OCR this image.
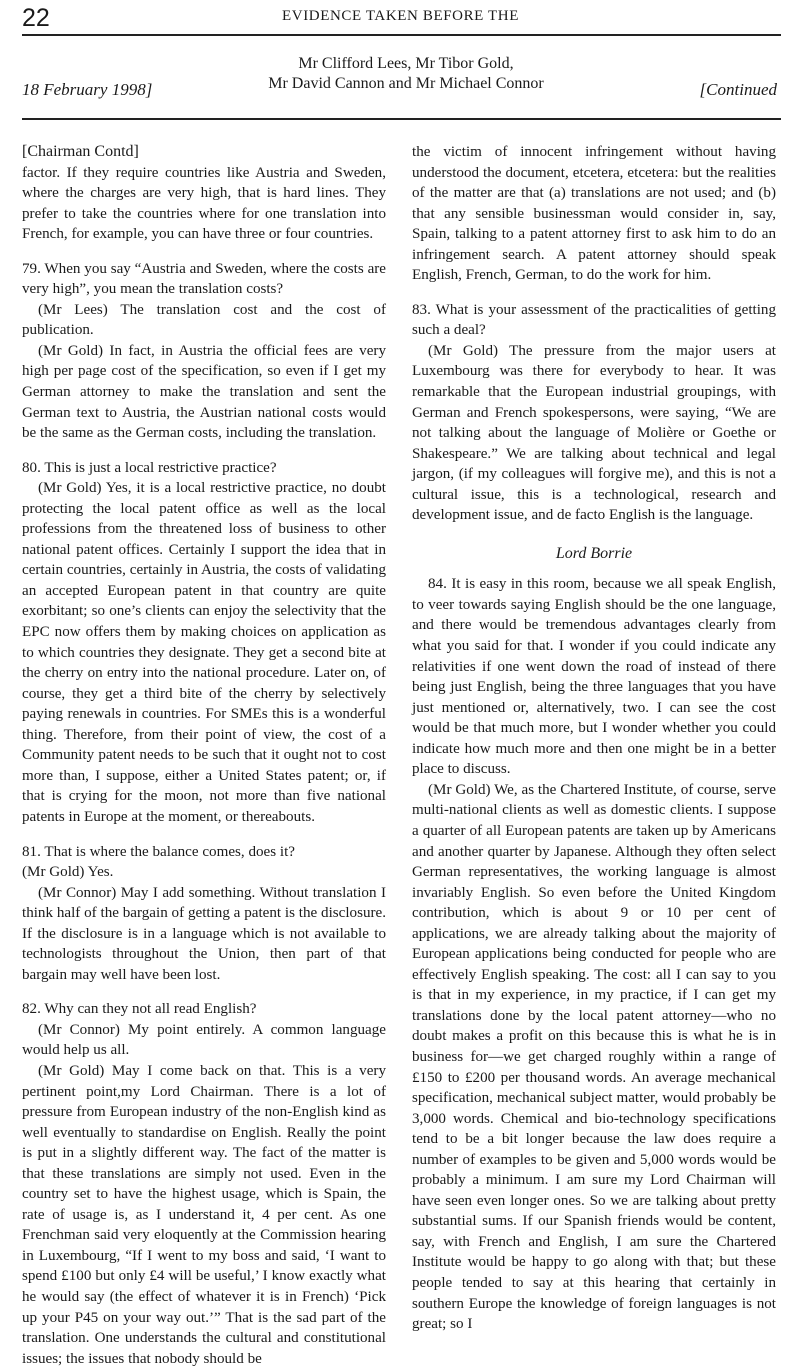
22	EVIDENCE TAKEN BEFORE THE
18 February 1998]
Mr Clifford Lees, Mr Tibor Gold,
Mr David Cannon and Mr Michael Connor	[Continued

[Chairman Contd]

factor. If they require countries like Austria and Sweden, where the charges are very high, that is hard lines. They prefer to take the countries where for one translation into French, for example, you can have three or four countries.

79. When you say “Austria and Sweden, where the costs are very high”, you mean the translation costs?

(Mr Lees) The translation cost and the cost of publication.

(Mr Gold) In fact, in Austria the official fees are very high per page cost of the specification, so even if I get my German attorney to make the translation and sent the German text to Austria, the Austrian national costs would be the same as the German costs, including the translation.

80. This is just a local restrictive practice?

(Mr Gold) Yes, it is a local restrictive practice, no doubt protecting the local patent office as well as the local professions from the threatened loss of business to other national patent offices. Certainly I support the idea that in certain countries, certainly in Austria, the costs of validating an accepted European patent in that country are quite exorbitant; so one’s clients can enjoy the selectivity that the EPC now offers them by making choices on application as to which countries they designate. They get a second bite at the cherry on entry into the national procedure. Later on, of course, they get a third bite of the cherry by selectively paying renewals in countries. For SMEs this is a wonderful thing. Therefore, from their point of view, the cost of a Community patent needs to be such that it ought not to cost more than, I suppose, either a United States patent; or, if that is crying for the moon, not more than five national patents in Europe at the moment, or thereabouts.

81. That is where the balance comes, does it?

(Mr Gold) Yes.

(Mr Connor) May I add something. Without translation I think half of the bargain of getting a patent is the disclosure. If the disclosure is in a language which is not available to technologists throughout the Union, then part of that bargain may well have been lost.

82. Why can they not all read English?

(Mr Connor) My point entirely. A common language would help us all.

(Mr Gold) May I come back on that. This is a very pertinent point,my Lord Chairman. There is a lot of pressure from European industry of the non-English kind as well eventually to standardise on English. Really the point is put in a slightly different way. The fact of the matter is that these translations are simply not used. Even in the country set to have the highest usage, which is Spain, the rate of usage is, as I understand it, 4 per cent. As one Frenchman said very eloquently at the Commission hearing in Luxembourg, “If I went to my boss and said, ‘I want to spend £100 but only £4 will be useful,’ I know exactly what he would say (the effect of whatever it is in French) ‘Pick up your P45 on your way out.’” That is the sad part of the translation. One understands the cultural and constitutional issues; the issues that nobody should be

the victim of innocent infringement without having understood the document, etcetera, etcetera: but the realities of the matter are that (a) translations are not used; and (b) that any sensible businessman would consider in, say, Spain, talking to a patent attorney first to ask him to do an infringement search. A patent attorney should speak English, French, German, to do the work for him.

83. What is your assessment of the practicalities of getting such a deal?

(Mr Gold) The pressure from the major users at Luxembourg was there for everybody to hear. It was remarkable that the European industrial groupings, with German and French spokespersons, were saying, “We are not talking about the language of Molière or Goethe or Shakespeare.” We are talking about technical and legal jargon, (if my colleagues will forgive me), and this is not a cultural issue, this is a technological, research and development issue, and de facto English is the language.

Lord Borrie

84. It is easy in this room, because we all speak English, to veer towards saying English should be the one language, and there would be tremendous advantages clearly from what you said for that. I wonder if you could indicate any relativities if one went down the road of instead of there being just English, being the three languages that you have just mentioned or, alternatively, two. I can see the cost would be that much more, but I wonder whether you could indicate how much more and then one might be in a better place to discuss.

(Mr Gold) We, as the Chartered Institute, of course, serve multi-national clients as well as domestic clients. I suppose a quarter of all European patents are taken up by Americans and another quarter by Japanese. Although they often select German representatives, the working language is almost invariably English. So even before the United Kingdom contribution, which is about 9 or 10 per cent of applications, we are already talking about the majority of European applications being conducted for people who are effectively English speaking. The cost: all I can say to you is that in my experience, in my practice, if I can get my translations done by the local patent attorney—who no doubt makes a profit on this because this is what he is in business for—we get charged roughly within a range of £150 to £200 per thousand words. An average mechanical specification, mechanical subject matter, would probably be 3,000 words. Chemical and bio-technology specifications tend to be a bit longer because the law does require a number of examples to be given and 5,000 words would be probably a minimum. I am sure my Lord Chairman will have seen even longer ones. So we are talking about pretty substantial sums. If our Spanish friends would be content, say, with French and English, I am sure the Chartered Institute would be happy to go along with that; but these people tended to say at this hearing that certainly in southern Europe the knowledge of foreign languages is not great; so I
